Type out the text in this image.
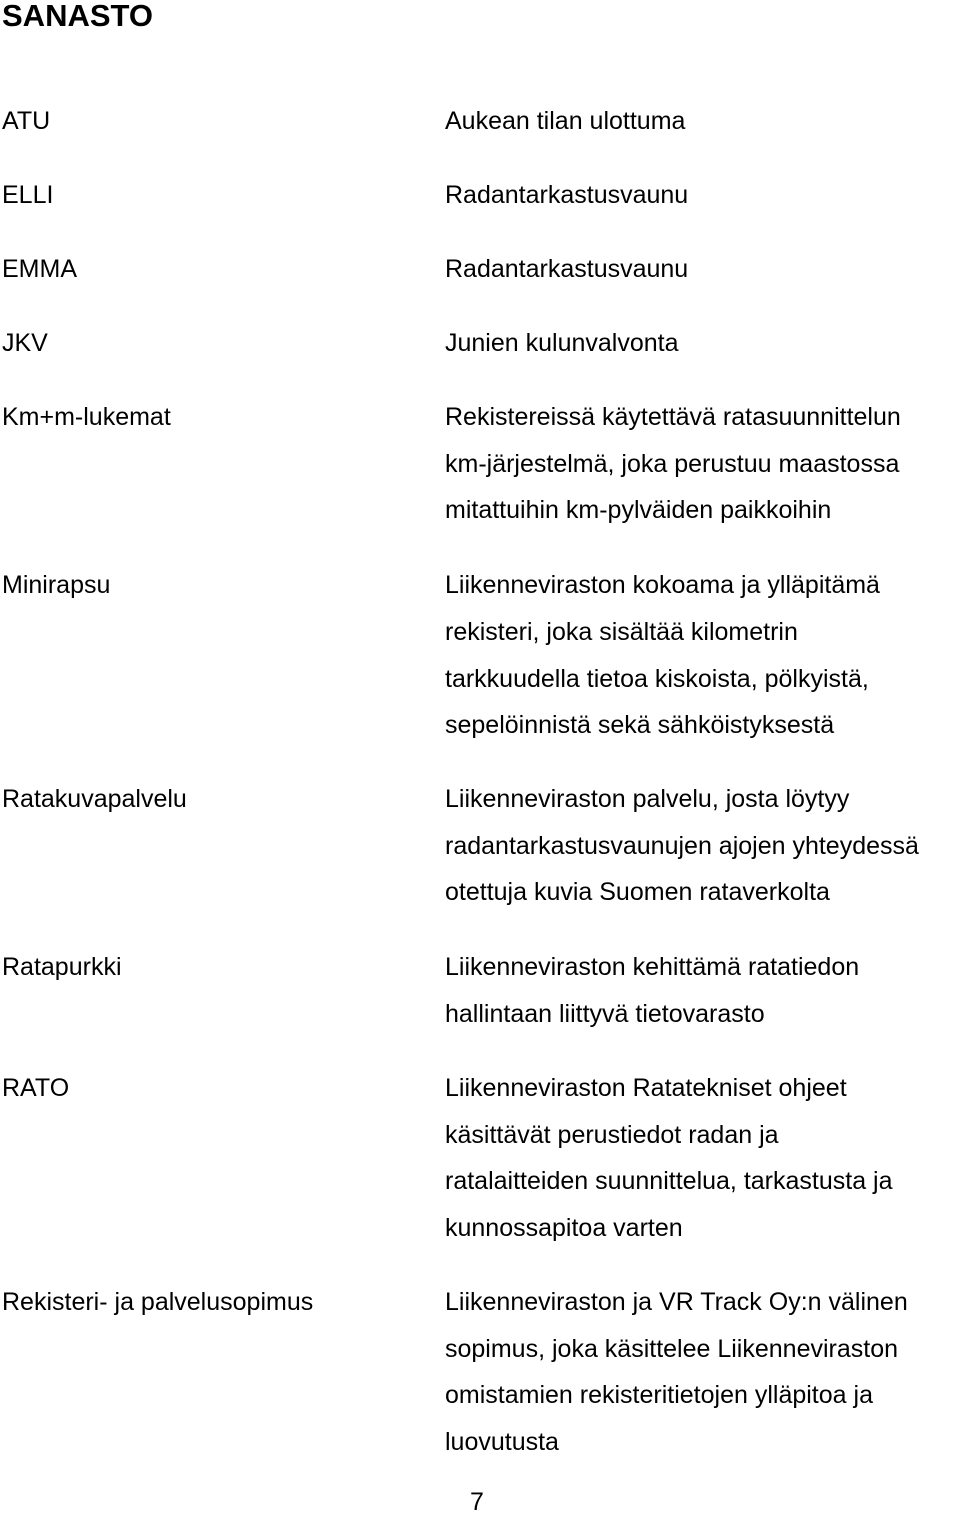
SANASTO
ATU	Aukean tilan ulottuma
ELLI	Radantarkastusvaunu
EMMA	Radantarkastusvaunu
JKV	Junien kulunvalvonta
Km+m-lukemat	Rekistereissä käytettävä ratasuunnittelun
km-järjestelmä, joka perustuu maastossa
mitattuihin km-pylväiden paikkoihin
Minirapsu	Liikenneviraston kokoama ja ylläpitämä
rekisteri, joka sisältää kilometrin
tarkkuudella tietoa kiskoista, pölkyistä,
sepelöinnistä sekä sähköistyksestä
Ratakuvapalvelu	Liikenneviraston palvelu, josta löytyy
radantarkastusvaunujen ajojen yhteydessä
otettuja kuvia Suomen rataverkolta
Ratapurkki	Liikenneviraston kehittämä ratatiedon
hallintaan liittyvä tietovarasto
RATO	Liikenneviraston Ratatekniset ohjeet
käsittävät perustiedot radan ja
ratalaitteiden suunnittelua, tarkastusta ja
kunnossapitoa varten
Rekisteri- ja palvelusopimus	Liikenneviraston ja VR Track Oy:n välinen
sopimus, joka käsittelee Liikenneviraston
omistamien rekisteritietojen ylläpitoa ja
luovutusta
7
